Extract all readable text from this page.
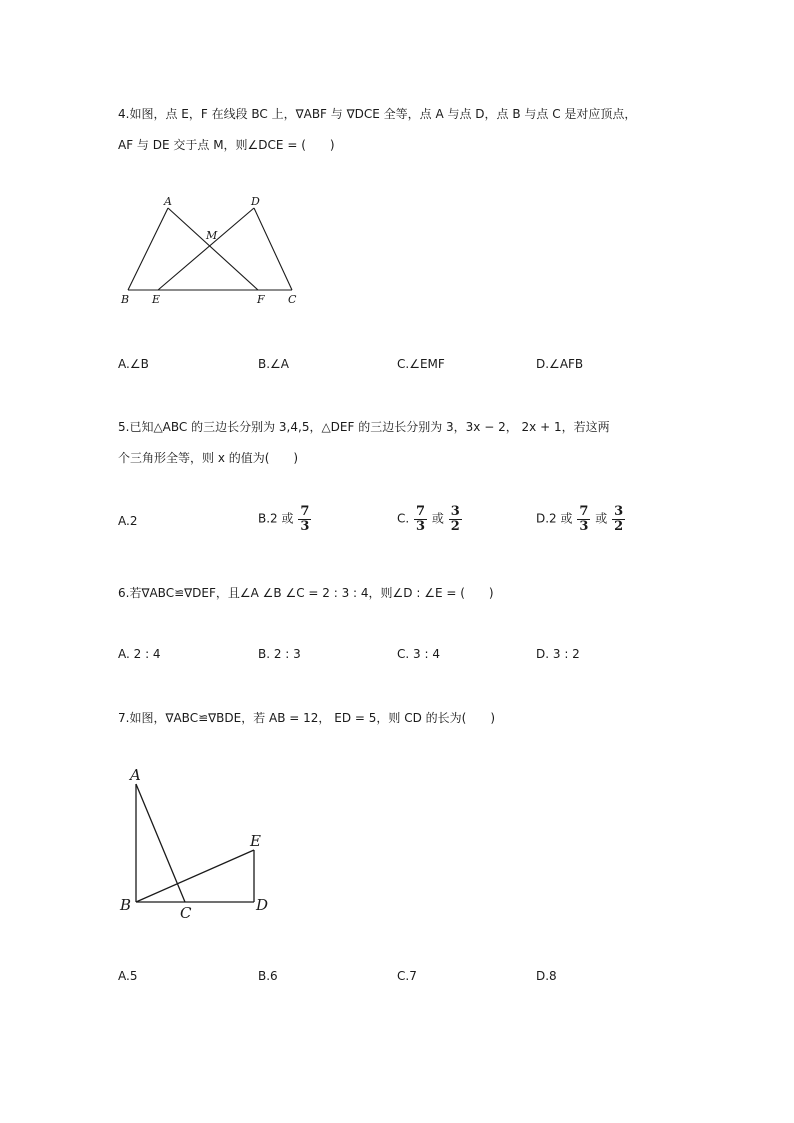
4.如图，点 E，F 在线段 BC 上，∇ABF 与 ∇DCE 全等，点 A 与点 D，点 B 与点 C 是对应顶点，
AF 与 DE 交于点 M，则∠DCE = (　　)
A	D
M
B E	F C
A.∠B	B.∠A	C.∠EMF	D.∠AFB
5.已知△ABC 的三边长分别为 3,4,5，△DEF 的三边长分别为 3，3x − 2， 2x + 1，若这两
个三角形全等，则 x 的值为(　　)
A.2	B.2 或 $\frac{7}{3}$	C. $\frac{7}{3}$ 或 $\frac{3}{2}$	D.2 或 $\frac{7}{3}$ 或 $\frac{3}{2}$
6.若∇ABC≌∇DEF，且∠A ∠B ∠C = 2 : 3 : 4，则∠D : ∠E = (　　)
A. 2 : 4	B. 2 : 3	C. 3 : 4	D. 3 : 2
7.如图，∇ABC≌∇BDE，若 AB = 12， ED = 5，则 CD 的长为(　　)
A
E
B	C	D
A.5	B.6	C.7	D.8
